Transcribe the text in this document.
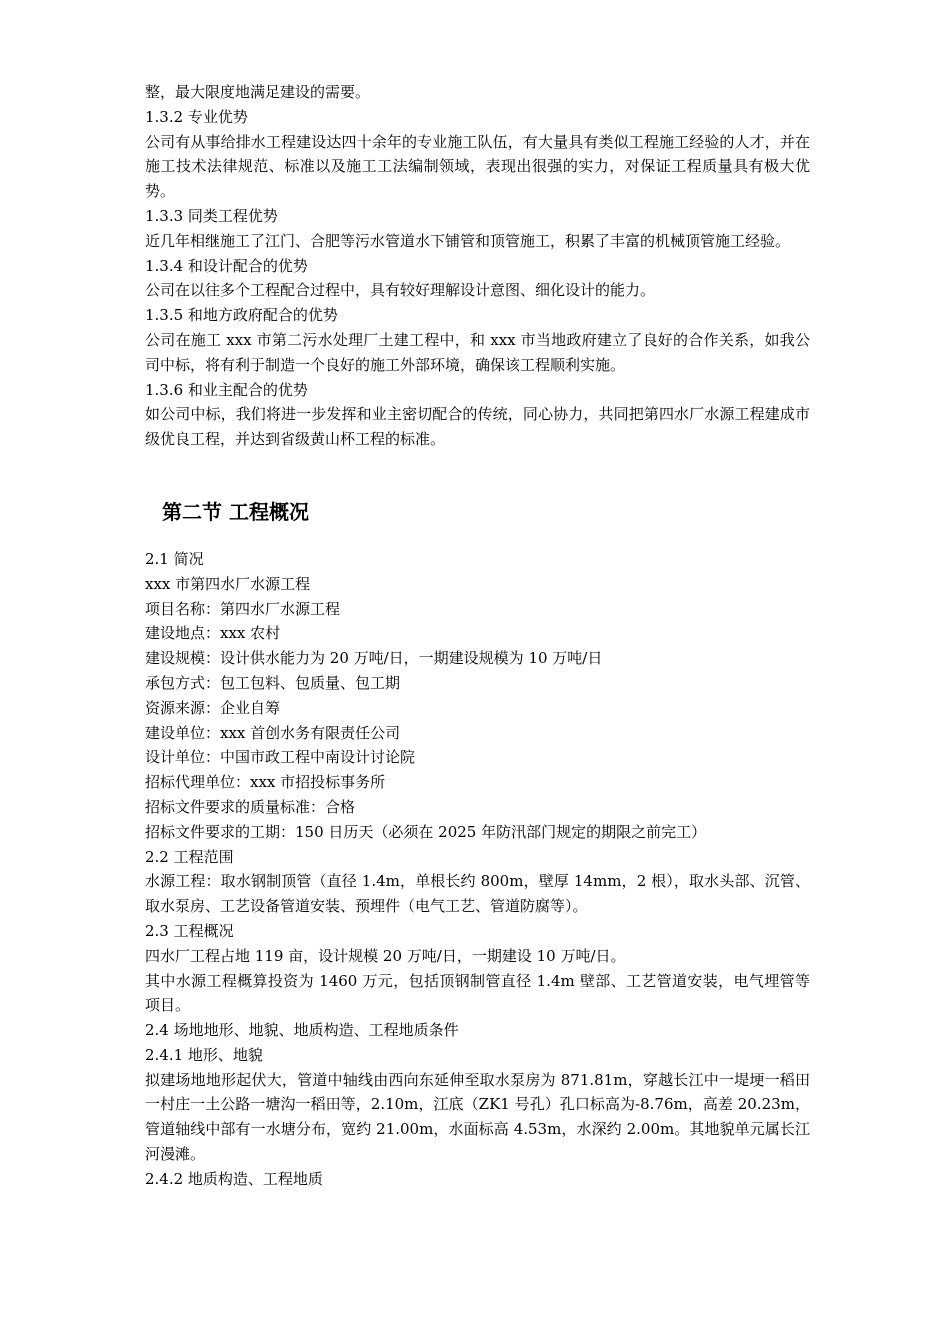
整，最大限度地满足建设的需要。

1.3.2 专业优势

公司有从事给排水工程建设达四十余年的专业施工队伍，有大量具有类似工程施工经验的人才，并在施工技术法律规范、标准以及施工工法编制领域，表现出很强的实力，对保证工程质量具有极大优势。

1.3.3 同类工程优势

近几年相继施工了江门、合肥等污水管道水下铺管和顶管施工，积累了丰富的机械顶管施工经验。

1.3.4 和设计配合的优势

公司在以往多个工程配合过程中，具有较好理解设计意图、细化设计的能力。

1.3.5 和地方政府配合的优势

公司在施工 xxx 市第二污水处理厂土建工程中，和 xxx 市当地政府建立了良好的合作关系，如我公司中标，将有利于制造一个良好的施工外部环境，确保该工程顺利实施。

1.3.6 和业主配合的优势

如公司中标，我们将进一步发挥和业主密切配合的传统，同心协力，共同把第四水厂水源工程建成市级优良工程，并达到省级黄山杯工程的标准。

第二节 工程概况

2.1 简况

xxx 市第四水厂水源工程

项目名称：第四水厂水源工程

建设地点：xxx 农村

建设规模：设计供水能力为 20 万吨/日，一期建设规模为 10 万吨/日

承包方式：包工包料、包质量、包工期

资源来源：企业自筹

建设单位：xxx 首创水务有限责任公司

设计单位：中国市政工程中南设计讨论院

招标代理单位：xxx 市招投标事务所

招标文件要求的质量标准：合格

招标文件要求的工期：150 日历天（必须在 2025 年防汛部门规定的期限之前完工）

2.2 工程范围

水源工程：取水钢制顶管（直径 1.4m，单根长约 800m，壁厚 14mm，2 根），取水头部、沉管、取水泵房、工艺设备管道安装、预埋件（电气工艺、管道防腐等）。

2.3 工程概况

四水厂工程占地 119 亩，设计规模 20 万吨/日，一期建设 10 万吨/日。

其中水源工程概算投资为 1460 万元，包括顶钢制管直径 1.4m 壁部、工艺管道安装，电气埋管等项目。

2.4 场地地形、地貌、地质构造、工程地质条件

2.4.1 地形、地貌

拟建场地地形起伏大，管道中轴线由西向东延伸至取水泵房为 871.81m，穿越长江中一堤埂一稻田一村庄一土公路一塘沟一稻田等，2.10m，江底（ZK1 号孔）孔口标高为-8.76m，高差 20.23m，管道轴线中部有一水塘分布，宽约 21.00m，水面标高 4.53m，水深约 2.00m。其地貌单元属长江河漫滩。

2.4.2 地质构造、工程地质
